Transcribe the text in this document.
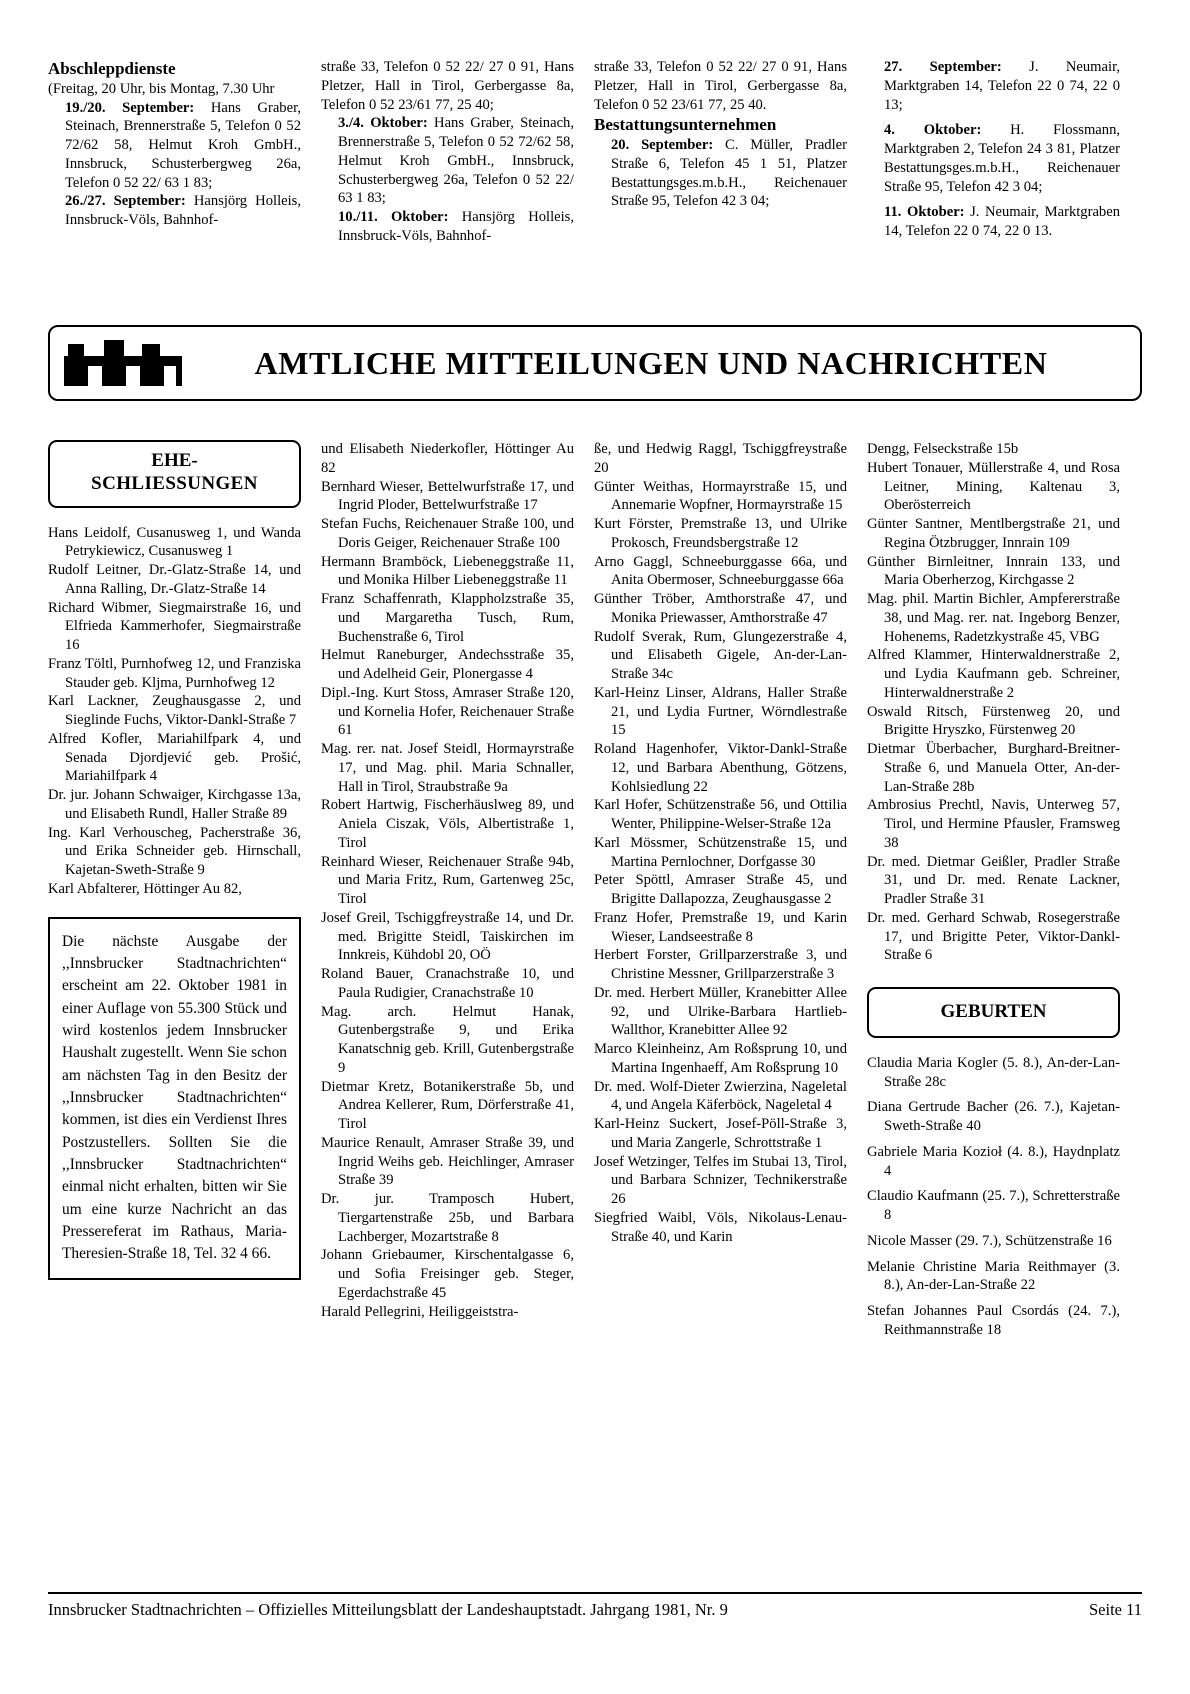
Abschleppdienste

(Freitag, 20 Uhr, bis Montag, 7.30 Uhr

19./20. September: Hans Graber, Steinach, Brennerstraße 5, Telefon 0 52 72/62 58, Helmut Kroh GmbH., Innsbruck, Schusterbergweg 26a, Telefon 0 52 22/ 63 1 83;

26./27. September: Hansjörg Holleis, Innsbruck-Völs, Bahnhof-

straße 33, Telefon 0 52 22/ 27 0 91, Hans Pletzer, Hall in Tirol, Gerbergasse 8a, Telefon 0 52 23/61 77, 25 40;

3./4. Oktober: Hans Graber, Steinach, Brennerstraße 5, Telefon 0 52 72/62 58, Helmut Kroh GmbH., Innsbruck, Schusterbergweg 26a, Telefon 0 52 22/ 63 1 83;

10./11. Oktober: Hansjörg Holleis, Innsbruck-Völs, Bahnhof-

straße 33, Telefon 0 52 22/ 27 0 91, Hans Pletzer, Hall in Tirol, Gerbergasse 8a, Telefon 0 52 23/61 77, 25 40.

Bestattungsunternehmen

20. September: C. Müller, Pradler Straße 6, Telefon 45 1 51, Platzer Bestattungsges.m.b.H., Reichenauer Straße 95, Telefon 42 3 04;

27. September: J. Neumair, Marktgraben 14, Telefon 22 0 74, 22 0 13;

4. Oktober: H. Flossmann, Marktgraben 2, Telefon 24 3 81, Platzer Bestattungsges.m.b.H., Reichenauer Straße 95, Telefon 42 3 04;

11. Oktober: J. Neumair, Marktgraben 14, Telefon 22 0 74, 22 0 13.

AMTLICHE MITTEILUNGEN UND NACHRICHTEN
EHE-
SCHLIESSUNGEN

Hans Leidolf, Cusanusweg 1, und Wanda Petrykiewicz, Cusanusweg 1

Rudolf Leitner, Dr.-Glatz-Straße 14, und Anna Ralling, Dr.-Glatz-Straße 14

Richard Wibmer, Siegmairstraße 16, und Elfrieda Kammerhofer, Siegmairstraße 16

Franz Töltl, Purnhofweg 12, und Franziska Stauder geb. Kljma, Purnhofweg 12

Karl Lackner, Zeughausgasse 2, und Sieglinde Fuchs, Viktor-Dankl-Straße 7

Alfred Kofler, Mariahilfpark 4, und Senada Djordjević geb. Prošić, Mariahilfpark 4

Dr. jur. Johann Schwaiger, Kirchgasse 13a, und Elisabeth Rundl, Haller Straße 89

Ing. Karl Verhouscheg, Pacherstraße 36, und Erika Schneider geb. Hirnschall, Kajetan-Sweth-Straße 9

Karl Abfalterer, Höttinger Au 82,

Die nächste Ausgabe der ,,Innsbrucker Stadtnachrichten“ erscheint am 22. Oktober 1981 in einer Auflage von 55.300 Stück und wird kostenlos jedem Innsbrucker Haushalt zugestellt. Wenn Sie schon am nächsten Tag in den Besitz der ,,Innsbrucker Stadtnachrichten“ kommen, ist dies ein Verdienst Ihres Postzustellers. Sollten Sie die ,,Innsbrucker Stadtnachrichten“ einmal nicht erhalten, bitten wir Sie um eine kurze Nachricht an das Pressereferat im Rathaus, Maria-Theresien-Straße 18, Tel. 32 4 66.

und Elisabeth Niederkofler, Höttinger Au 82

Bernhard Wieser, Bettelwurfstraße 17, und Ingrid Ploder, Bettelwurfstraße 17

Stefan Fuchs, Reichenauer Straße 100, und Doris Geiger, Reichenauer Straße 100

Hermann Bramböck, Liebeneggstraße 11, und Monika Hilber Liebeneggstraße 11

Franz Schaffenrath, Klappholzstraße 35, und Margaretha Tusch, Rum, Buchenstraße 6, Tirol

Helmut Raneburger, Andechsstraße 35, und Adelheid Geir, Plonergasse 4

Dipl.-Ing. Kurt Stoss, Amraser Straße 120, und Kornelia Hofer, Reichenauer Straße 61

Mag. rer. nat. Josef Steidl, Hormayrstraße 17, und Mag. phil. Maria Schnaller, Hall in Tirol, Straubstraße 9a

Robert Hartwig, Fischerhäuslweg 89, und Aniela Ciszak, Völs, Albertistraße 1, Tirol

Reinhard Wieser, Reichenauer Straße 94b, und Maria Fritz, Rum, Gartenweg 25c, Tirol

Josef Greil, Tschiggfreystraße 14, und Dr. med. Brigitte Steidl, Taiskirchen im Innkreis, Kühdobl 20, OÖ

Roland Bauer, Cranachstraße 10, und Paula Rudigier, Cranachstraße 10

Mag. arch. Helmut Hanak, Gutenbergstraße 9, und Erika Kanatschnig geb. Krill, Gutenbergstraße 9

Dietmar Kretz, Botanikerstraße 5b, und Andrea Kellerer, Rum, Dörferstraße 41, Tirol

Maurice Renault, Amraser Straße 39, und Ingrid Weihs geb. Heichlinger, Amraser Straße 39

Dr. jur. Tramposch Hubert, Tiergartenstraße 25b, und Barbara Lachberger, Mozartstraße 8

Johann Griebaumer, Kirschentalgasse 6, und Sofia Freisinger geb. Steger, Egerdachstraße 45

Harald Pellegrini, Heiliggeiststra-

ße, und Hedwig Raggl, Tschiggfreystraße 20

Günter Weithas, Hormayrstraße 15, und Annemarie Wopfner, Hormayrstraße 15

Kurt Förster, Premstraße 13, und Ulrike Prokosch, Freundsbergstraße 12

Arno Gaggl, Schneeburggasse 66a, und Anita Obermoser, Schneeburggasse 66a

Günther Tröber, Amthorstraße 47, und Monika Priewasser, Amthorstraße 47

Rudolf Sverak, Rum, Glungezerstraße 4, und Elisabeth Gigele, An-der-Lan-Straße 34c

Karl-Heinz Linser, Aldrans, Haller Straße 21, und Lydia Furtner, Wörndlestraße 15

Roland Hagenhofer, Viktor-Dankl-Straße 12, und Barbara Abenthung, Götzens, Kohlsiedlung 22

Karl Hofer, Schützenstraße 56, und Ottilia Wenter, Philippine-Welser-Straße 12a

Karl Mössmer, Schützenstraße 15, und Martina Pernlochner, Dorfgasse 30

Peter Spöttl, Amraser Straße 45, und Brigitte Dallapozza, Zeughausgasse 2

Franz Hofer, Premstraße 19, und Karin Wieser, Landseestraße 8

Herbert Forster, Grillparzerstraße 3, und Christine Messner, Grillparzerstraße 3

Dr. med. Herbert Müller, Kranebitter Allee 92, und Ulrike-Barbara Hartlieb-Wallthor, Kranebitter Allee 92

Marco Kleinheinz, Am Roßsprung 10, und Martina Ingenhaeff, Am Roßsprung 10

Dr. med. Wolf-Dieter Zwierzina, Nageletal 4, und Angela Käferböck, Nageletal 4

Karl-Heinz Suckert, Josef-Pöll-Straße 3, und Maria Zangerle, Schrottstraße 1

Josef Wetzinger, Telfes im Stubai 13, Tirol, und Barbara Schnizer, Technikerstraße 26

Siegfried Waibl, Völs, Nikolaus-Lenau-Straße 40, und Karin

Dengg, Felseckstraße 15b

Hubert Tonauer, Müllerstraße 4, und Rosa Leitner, Mining, Kaltenau 3, Oberösterreich

Günter Santner, Mentlbergstraße 21, und Regina Ötzbrugger, Innrain 109

Günther Birnleitner, Innrain 133, und Maria Oberherzog, Kirchgasse 2

Mag. phil. Martin Bichler, Ampfererstraße 38, und Mag. rer. nat. Ingeborg Benzer, Hohenems, Radetzkystraße 45, VBG

Alfred Klammer, Hinterwaldnerstraße 2, und Lydia Kaufmann geb. Schreiner, Hinterwaldnerstraße 2

Oswald Ritsch, Fürstenweg 20, und Brigitte Hryszko, Fürstenweg 20

Dietmar Überbacher, Burghard-Breitner-Straße 6, und Manuela Otter, An-der-Lan-Straße 28b

Ambrosius Prechtl, Navis, Unterweg 57, Tirol, und Hermine Pfausler, Framsweg 38

Dr. med. Dietmar Geißler, Pradler Straße 31, und Dr. med. Renate Lackner, Pradler Straße 31

Dr. med. Gerhard Schwab, Rosegerstraße 17, und Brigitte Peter, Viktor-Dankl-Straße 6

GEBURTEN

Claudia Maria Kogler (5. 8.), An-der-Lan-Straße 28c

Diana Gertrude Bacher (26. 7.), Kajetan-Sweth-Straße 40

Gabriele Maria Kozioł (4. 8.), Haydnplatz 4

Claudio Kaufmann (25. 7.), Schretterstraße 8

Nicole Masser (29. 7.), Schützenstraße 16

Melanie Christine Maria Reithmayer (3. 8.), An-der-Lan-Straße 22

Stefan Johannes Paul Csordás (24. 7.), Reithmannstraße 18

Innsbrucker Stadtnachrichten – Offizielles Mitteilungsblatt der Landeshauptstadt. Jahrgang 1981, Nr. 9	Seite 11
